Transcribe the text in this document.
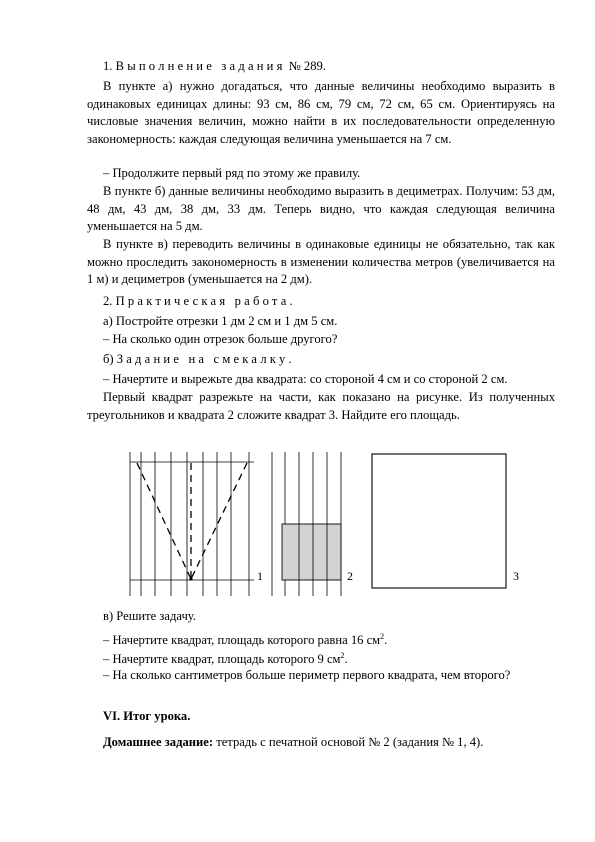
1. Выполнение задания № 289.

В пункте а) нужно догадаться, что данные величины необходимо выразить в одинаковых единицах длины: 93 см, 86 см, 79 см, 72 см, 65 см. Ориентируясь на числовые значения величин, можно найти в их последовательности определенную закономерность: каждая следующая величина уменьшается на 7 см.

– Продолжите первый ряд по этому же правилу.

В пункте б) данные величины необходимо выразить в дециметрах. Получим: 53 дм, 48 дм, 43 дм, 38 дм, 33 дм. Теперь видно, что каждая следующая величина уменьшается на 5 дм.

В пункте в) переводить величины в одинаковые единицы не обязательно, так как можно проследить закономерность в изменении количества метров (увеличивается на 1 м) и дециметров (уменьшается на 2 дм).

2. Практическая работа.

а) Постройте отрезки 1 дм 2 см и 1 дм 5 см.

– На сколько один отрезок больше другого?

б) Задание на смекалку.

– Начертите и вырежьте два квадрата: со стороной 4 см и со стороной 2 см.

Первый квадрат разрежьте на части, как показано на рисунке. Из полученных треугольников и квадрата 2 сложите квадрат 3. Найдите его площадь.

1	2	3

в) Решите задачу.

– Начертите квадрат, площадь которого равна 16 $см^2$.

– Начертите квадрат, площадь которого 9 $см^2$.

– На сколько сантиметров больше периметр первого квадрата, чем второго?

VI. Итог урока.

Домашнее задание: тетрадь с печатной основой № 2 (задания № 1, 4).
